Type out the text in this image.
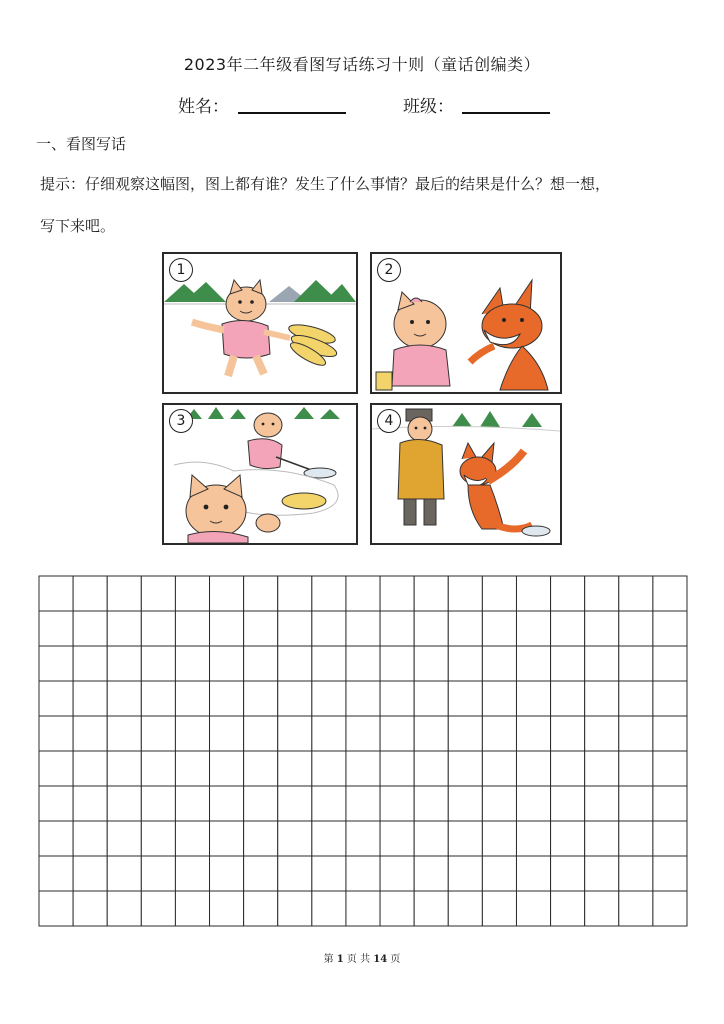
2023年二年级看图写话练习十则（童话创编类）
姓名：	班级：
一、看图写话
提示：仔细观察这幅图，图上都有谁？发生了什么事情？最后的结果是什么？想一想，
写下来吧。
1	2
3	4
第 1 页 共 14 页
